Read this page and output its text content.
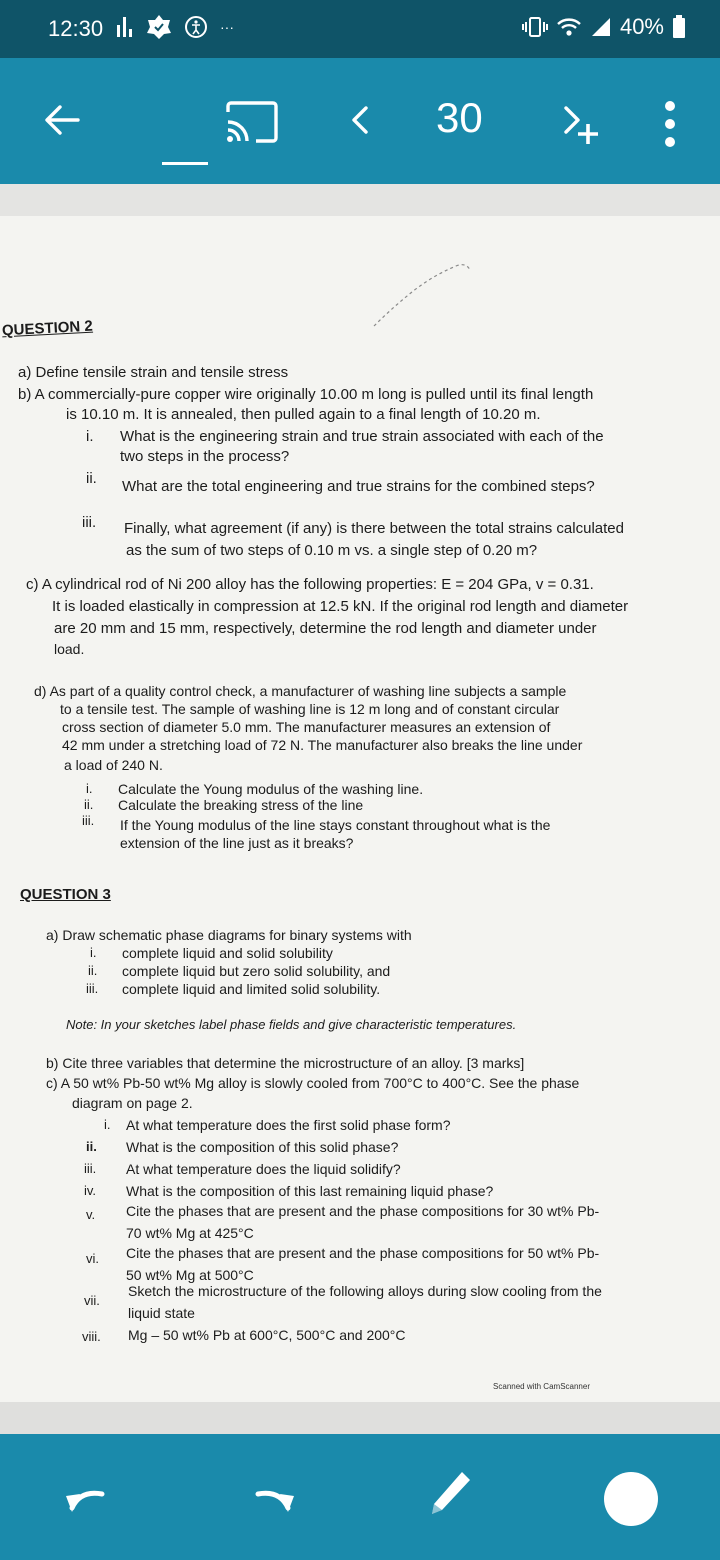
12:30	···	40%
30
QUESTION 2
a) Define tensile strain and tensile stress
b) A commercially-pure copper wire originally 10.00 m long is pulled until its final length
is 10.10 m. It is annealed, then pulled again to a final length of 10.20 m.
i. What is the engineering strain and true strain associated with each of the
two steps in the process?
ii. What are the total engineering and true strains for the combined steps?
iii. Finally, what agreement (if any) is there between the total strains calculated
as the sum of two steps of 0.10 m vs. a single step of 0.20 m?
c) A cylindrical rod of Ni 200 alloy has the following properties: E = 204 GPa, v = 0.31.
It is loaded elastically in compression at 12.5 kN. If the original rod length and diameter
are 20 mm and 15 mm, respectively, determine the rod length and diameter under
load.
d) As part of a quality control check, a manufacturer of washing line subjects a sample
to a tensile test. The sample of washing line is 12 m long and of constant circular
cross section of diameter 5.0 mm. The manufacturer measures an extension of
42 mm under a stretching load of 72 N. The manufacturer also breaks the line under
a load of 240 N.
i. Calculate the Young modulus of the washing line.
ii. Calculate the breaking stress of the line
iii. If the Young modulus of the line stays constant throughout what is the
extension of the line just as it breaks?
QUESTION 3
a) Draw schematic phase diagrams for binary systems with
i. complete liquid and solid solubility
ii. complete liquid but zero solid solubility, and
iii. complete liquid and limited solid solubility.
Note: In your sketches label phase fields and give characteristic temperatures.
b) Cite three variables that determine the microstructure of an alloy. [3 marks]
c) A 50 wt% Pb-50 wt% Mg alloy is slowly cooled from 700°C to 400°C. See the phase
diagram on page 2.
i. At what temperature does the first solid phase form?
ii. What is the composition of this solid phase?
iii. At what temperature does the liquid solidify?
iv. What is the composition of this last remaining liquid phase?
v. Cite the phases that are present and the phase compositions for 30 wt% Pb-
70 wt% Mg at 425°C
vi. Cite the phases that are present and the phase compositions for 50 wt% Pb-
50 wt% Mg at 500°C
vii.
Sketch the microstructure of the following alloys during slow cooling from the
liquid state
viii. Mg – 50 wt% Pb at 600°C, 500°C and 200°C
Scanned with CamScanner
